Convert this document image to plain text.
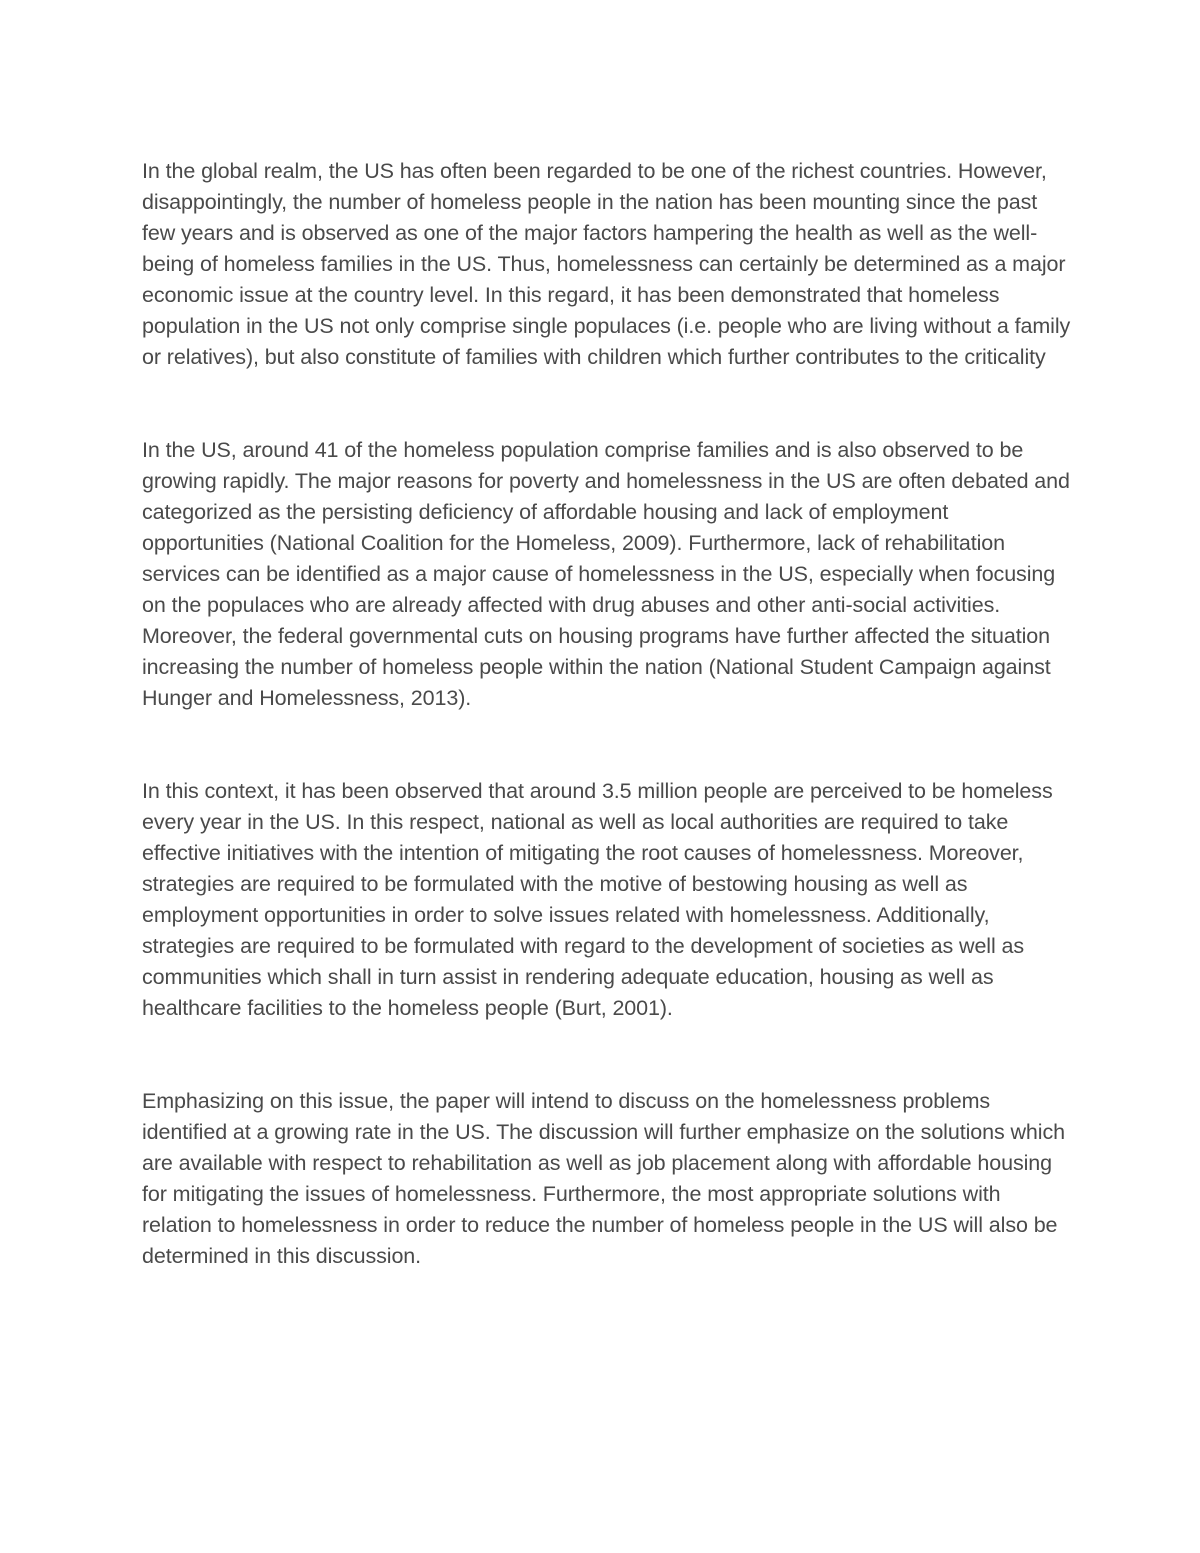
In the global realm, the US has often been regarded to be one of the richest countries. However, disappointingly, the number of homeless people in the nation has been mounting since the past few years and is observed as one of the major factors hampering the health as well as the well-being of homeless families in the US. Thus, homelessness can certainly be determined as a major economic issue at the country level. In this regard, it has been demonstrated that homeless population in the US not only comprise single populaces (i.e. people who are living without a family or relatives), but also constitute of families with children which further contributes to the criticality

In the US, around 41 of the homeless population comprise families and is also observed to be growing rapidly. The major reasons for poverty and homelessness in the US are often debated and categorized as the persisting deficiency of affordable housing and lack of employment opportunities (National Coalition for the Homeless, 2009). Furthermore, lack of rehabilitation services can be identified as a major cause of homelessness in the US, especially when focusing on the populaces who are already affected with drug abuses and other anti-social activities. Moreover, the federal governmental cuts on housing programs have further affected the situation increasing the number of homeless people within the nation (National Student Campaign against Hunger and Homelessness, 2013).

In this context, it has been observed that around 3.5 million people are perceived to be homeless every year in the US. In this respect, national as well as local authorities are required to take effective initiatives with the intention of mitigating the root causes of homelessness. Moreover, strategies are required to be formulated with the motive of bestowing housing as well as employment opportunities in order to solve issues related with homelessness. Additionally, strategies are required to be formulated with regard to the development of societies as well as communities which shall in turn assist in rendering adequate education, housing as well as healthcare facilities to the homeless people (Burt, 2001).

Emphasizing on this issue, the paper will intend to discuss on the homelessness problems identified at a growing rate in the US. The discussion will further emphasize on the solutions which are available with respect to rehabilitation as well as job placement along with affordable housing for mitigating the issues of homelessness. Furthermore, the most appropriate solutions with relation to homelessness in order to reduce the number of homeless people in the US will also be determined in this discussion.
